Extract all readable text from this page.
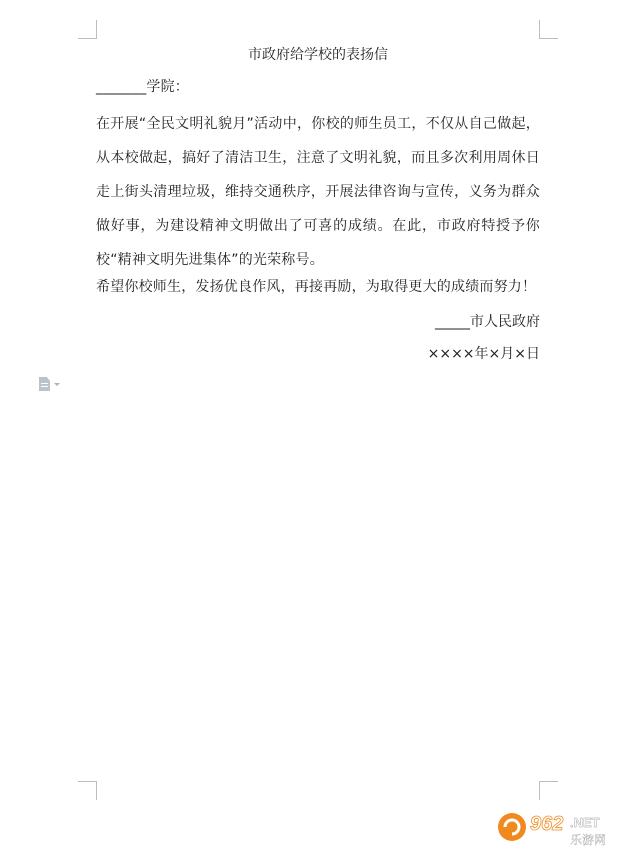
市政府给学校的表扬信
_______学院：

在开展“全民文明礼貌月”活动中，你校的师生员工，不仅从自己做起，从本校做起，搞好了清洁卫生，注意了文明礼貌，而且多次利用周休日走上街头清理垃圾，维持交通秩序，开展法律咨询与宣传，义务为群众做好事，为建设精神文明做出了可喜的成绩。在此，市政府特授予你校“精神文明先进集体”的光荣称号。

希望你校师生，发扬优良作风，再接再励，为取得更大的成绩而努力！
_____市人民政府
××××年×月×日
962 .NET
乐游网
